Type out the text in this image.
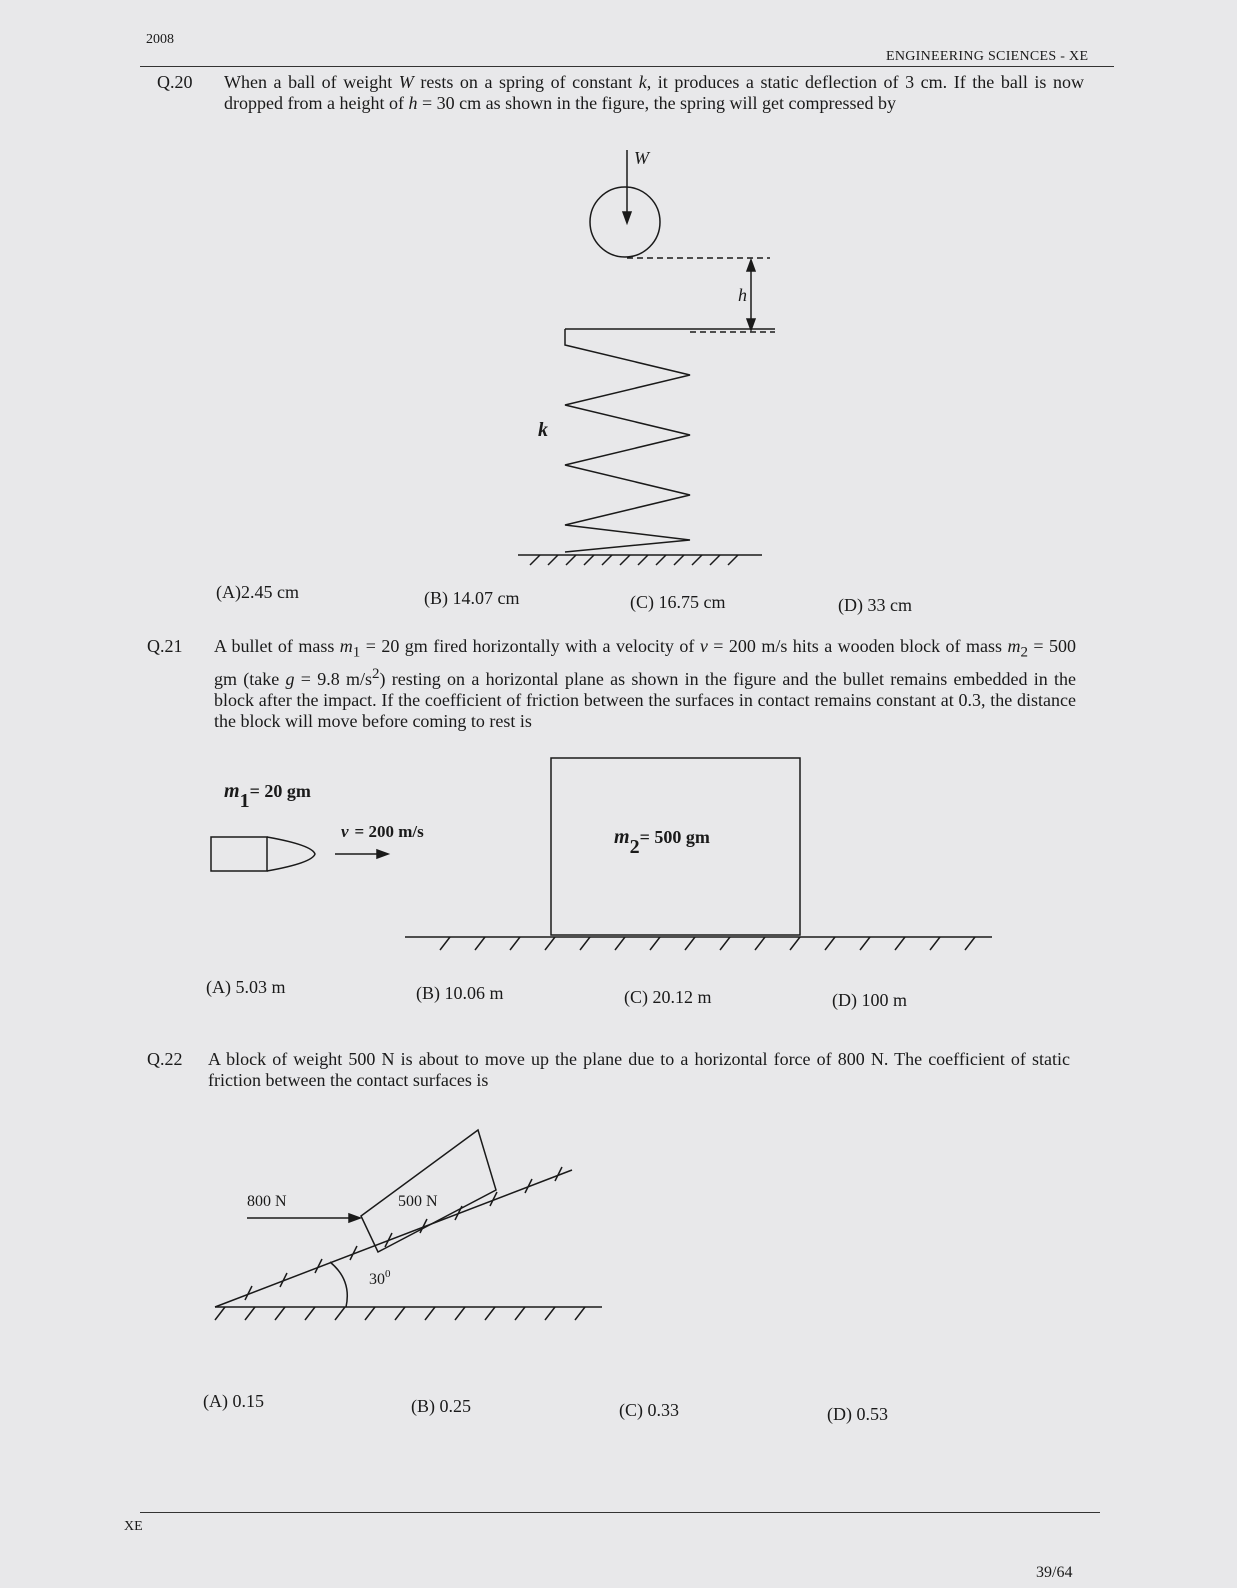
2008
ENGINEERING SCIENCES - XE
Q.20 When a ball of weight W rests on a spring of constant k, it produces a static deflection of 3 cm. If the ball is now dropped from a height of h = 30 cm as shown in the figure, the spring will get compressed by
W
h
k
(A)2.45 cm	(B) 14.07 cm	(C) 16.75 cm	(D) 33 cm
Q.21 A bullet of mass $m_1 = 20$ gm fired horizontally with a velocity of v = 200 m/s hits a wooden block of mass $m_2 = 500$ gm (take g = 9.8 $m/s^2$) resting on a horizontal plane as shown in the figure and the bullet remains embedded in the block after the impact. If the coefficient of friction between the surfaces in contact remains constant at 0.3, the distance the block will move before coming to rest is
m1= 20 gm
v = 200 m/s	m2= 500 gm
(A) 5.03 m	(B) 10.06 m	(C) 20.12 m	(D) 100 m
Q.22 A block of weight 500 N is about to move up the plane due to a horizontal force of 800 N. The coefficient of static friction between the contact surfaces is
800 N	500 N
$30^0$
(A) 0.15	(B) 0.25	(C) 0.33	(D) 0.53
XE
39/64
